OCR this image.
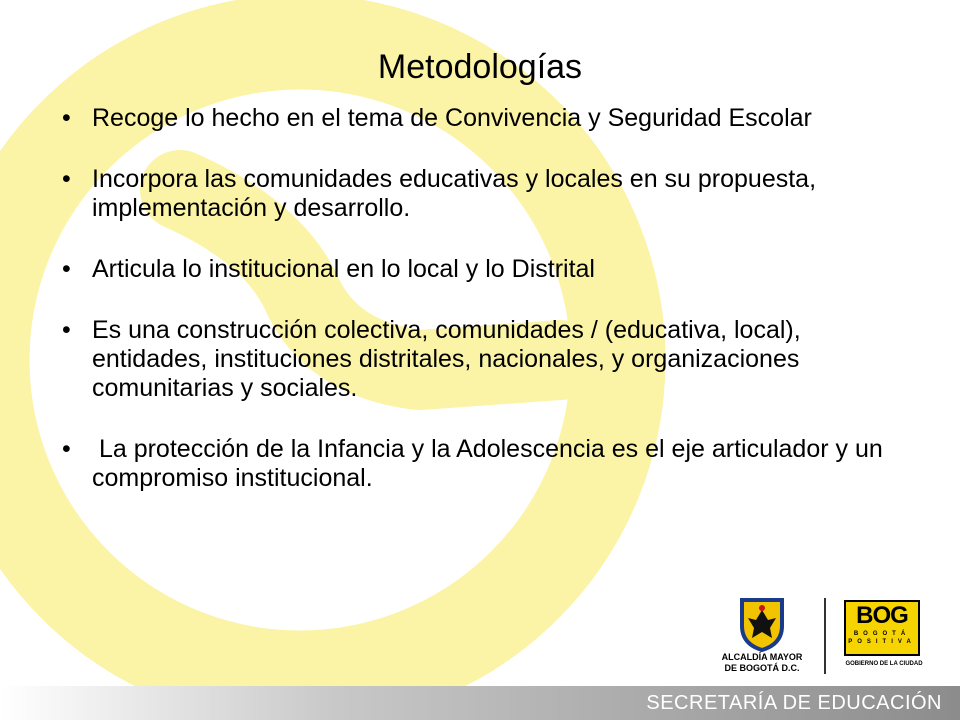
Metodologías
• Recoge lo hecho en el tema de Convivencia y Seguridad Escolar
• Incorpora las comunidades educativas y locales en su propuesta, implementación y desarrollo.
• Articula lo institucional en lo local y lo Distrital
• Es una construcción colectiva, comunidades / (educativa, local), entidades, instituciones distritales, nacionales, y organizaciones comunitarias y sociales.
•  La protección de la Infancia y la Adolescencia es el eje articulador y un compromiso institucional.
ALCALDÍA MAYOR
DE BOGOTÁ D.C.
BOG
BOGOTÁ
POSITIVA
GOBIERNO DE LA CIUDAD
SECRETARÍA DE EDUCACIÓN
